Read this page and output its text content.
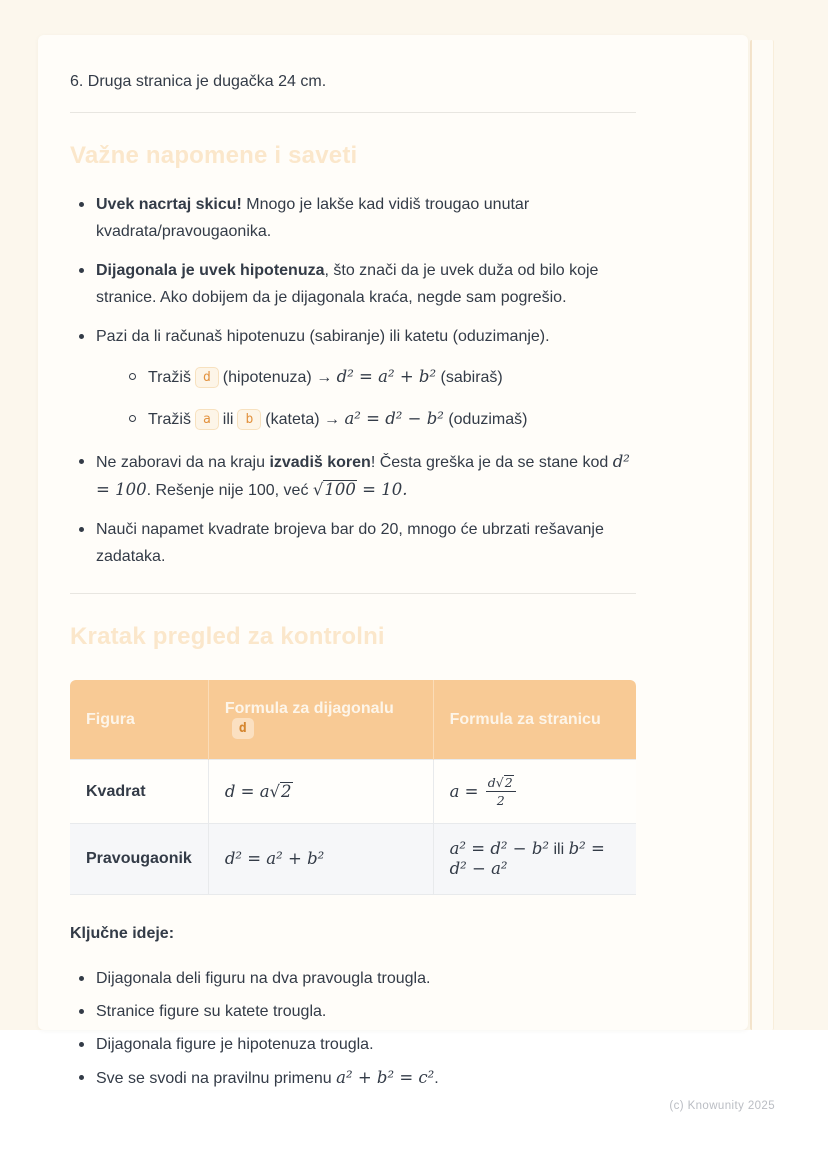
6. Druga stranica je dugačka 24 cm.

Važne napomene i saveti
Uvek nacrtaj skicu! Mnogo je lakše kad vidiš trougao unutar kvadrata/pravougaonika.
Dijagonala je uvek hipotenuza, što znači da je uvek duža od bilo koje stranice. Ako dobijem da je dijagonala kraća, negde sam pogrešio.
Pazi da li računaš hipotenuzu (sabiranje) ili katetu (oduzimanje).
Tražiš d (hipotenuza) → d² = a² + b² (sabiraš)
Tražiš a ili b (kateta) → a² = d² − b² (oduzimaš)
Ne zaboravi da na kraju izvadiš koren! Česta greška je da se stane kod d² = 100. Rešenje nije 100, već √100 = 10.
Nauči napamet kvadrate brojeva bar do 20, mnogo će ubrzati rešavanje zadataka.
Kratak pregled za kontrolni
Figura	Formula za dijagonalud	Formula za stranicu
Kvadrat	d = a√2	$a = \frac{d√2}{2}$

Pravougaonik	d² = a² + b²	a² = d² − b² ili b² = d² − a²

Ključne ideje:

Dijagonala deli figuru na dva pravougla trougla.
Stranice figure su katete trougla.
Dijagonala figure je hipotenuza trougla.
Sve se svodi na pravilnu primenu a² + b² = c².
(c) Knowunity 2025
